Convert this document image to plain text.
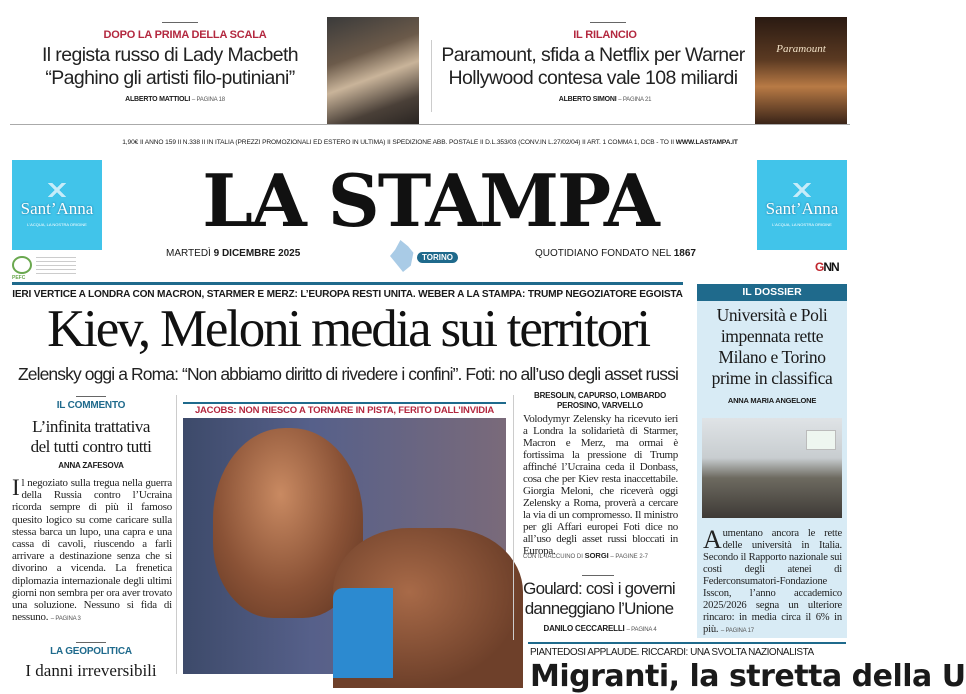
DOPO LA PRIMA DELLA SCALA
Il regista russo di Lady Macbeth
“Paghino gli artisti filo-putiniani”
ALBERTO MATTIOLI – PAGINA 18
IL RILANCIO
Paramount, sfida a Netflix per Warner
Hollywood contesa vale 108 miliardi
ALBERTO SIMONI – PAGINA 21
Paramount
1,90€ II ANNO 159 II N.338 II IN ITALIA (PREZZI PROMOZIONALI ED ESTERO IN ULTIMA) II SPEDIZIONE ABB. POSTALE II D.L.353/03 (CONV.IN L.27/02/04) II ART. 1 COMMA 1, DCB - TO II WWW.LASTAMPA.IT
Sant’Anna
L'ACQUA, LA NOSTRA ORIGINE
Sant’Anna
L'ACQUA, LA NOSTRA ORIGINE
PEFC
GNN
LA STAMPA
MARTEDÌ 9 DICEMBRE 2025	TORINO	QUOTIDIANO FONDATO NEL 1867
IERI VERTICE A LONDRA CON MACRON, STARMER E MERZ: L’EUROPA RESTI UNITA. WEBER A LA STAMPA: TRUMP NEGOZIATORE EGOISTA
Kiev, Meloni media sui territori
Zelensky oggi a Roma: “Non abbiamo diritto di rivedere i confini”. Foti: no all’uso degli asset russi
IL COMMENTO
L’infinita trattativa
del tutti contro tutti
ANNA ZAFESOVA
Il negoziato sulla tregua nella guerra della Russia contro l’Ucraina ricorda sempre di più il famoso quesito logico su come caricare sulla stessa barca un lupo, una capra e una cassa di cavoli, riuscendo a farli arrivare a destinazione senza che si divorino a vicenda. La frenetica diplomazia internazionale degli ultimi giorni non sembra per ora aver trovato una soluzione. Nessuno si fida di nessuno. – PAGINA 3
LA GEOPOLITICA
I danni irreversibili
JACOBS: NON RIESCO A TORNARE IN PISTA, FERITO DALL’INVIDIA
BRESOLIN, CAPURSO, LOMBARDO
PEROSINO, VARVELLO
Volodymyr Zelensky ha ricevuto ieri a Londra la solidarietà di Starmer, Macron e Merz, ma ormai è fortissima la pressione di Trump affinché l’Ucraina ceda il Donbass, cosa che per Kiev resta inaccettabile. Giorgia Meloni, che riceverà oggi Zelensky a Roma, proverà a cercare la via di un compromesso. Il ministro per gli Affari europei Foti dice no all’uso degli asset russi bloccati in Europa.
CON IL TACCUINO DI SORGI – PAGINE 2-7
Goulard: così i governi
danneggiano l’Unione
DANILO CECCARELLI – PAGINA 4
IL DOSSIER
Università e Poli
impennata rette
Milano e Torino
prime in classifica
ANNA MARIA ANGELONE
Aumentano ancora le rette delle università in Italia. Secondo il Rapporto nazionale sui costi degli atenei di Federconsumatori-Fondazione Isscon, l’anno accademico 2025/2026 segna un ulteriore rincaro: in media circa il 6% in più. – PAGINA 17
PIANTEDOSI APPLAUDE. RICCARDI: UNA SVOLTA NAZIONALISTA
Migranti, la stretta della U
